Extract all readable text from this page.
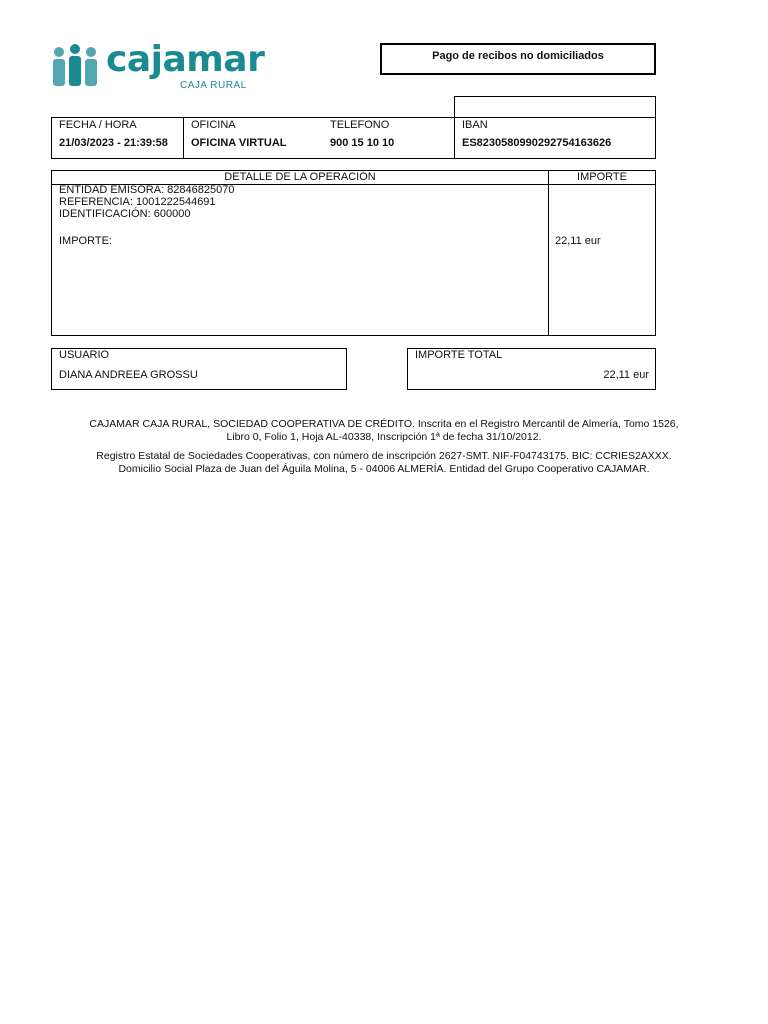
cajamar
CAJA RURAL
Pago de recibos no domiciliados
FECHA / HORA
21/03/2023 - 21:39:58
OFICINA
OFICINA VIRTUAL
TELEFONO
900 15 10 10
IBAN
ES8230580990292754163626
DETALLE DE LA OPERACIÓN	IMPORTE
ENTIDAD EMISORA: 82846825070
REFERENCIA: 1001222544691
IDENTIFICACIÓN: 600000
IMPORTE:	22,11 eur
USUARIO
DIANA ANDREEA GROSSU
IMPORTE TOTAL
22,11 eur
CAJAMAR CAJA RURAL, SOCIEDAD COOPERATIVA DE CRÉDITO. Inscrita en el Registro Mercantil de Almería, Tomo 1526,
Libro 0, Folio 1, Hoja AL-40338, Inscripción 1ª de fecha 31/10/2012.
Registro Estatal de Sociedades Cooperativas, con número de inscripción 2627-SMT. NIF-F04743175. BIC: CCRIES2AXXX.
Domicilio Social Plaza de Juan del Águila Molina, 5 - 04006 ALMERÍA. Entidad del Grupo Cooperativo CAJAMAR.
